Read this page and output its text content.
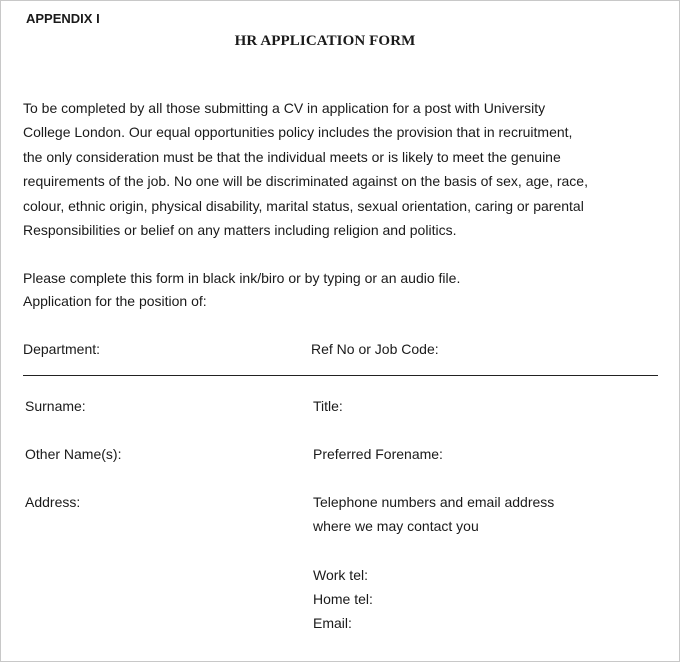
APPENDIX I
HR APPLICATION FORM
To be completed by all those submitting a CV in application for a post with University
College London. Our equal opportunities policy includes the provision that in recruitment,
the only consideration must be that the individual meets or is likely to meet the genuine
requirements of the job. No one will be discriminated against on the basis of sex, age, race,
colour, ethnic origin, physical disability, marital status, sexual orientation, caring or parental
Responsibilities or belief on any matters including religion and politics.
Please complete this form in black ink/biro or by typing or an audio file.
Application for the position of:
Department:	Ref No or Job Code:
Surname:	Title:
Other Name(s):	Preferred Forename:
Address:	Telephone numbers and email address
where we may contact you
Work tel:
Home tel:
Email:
